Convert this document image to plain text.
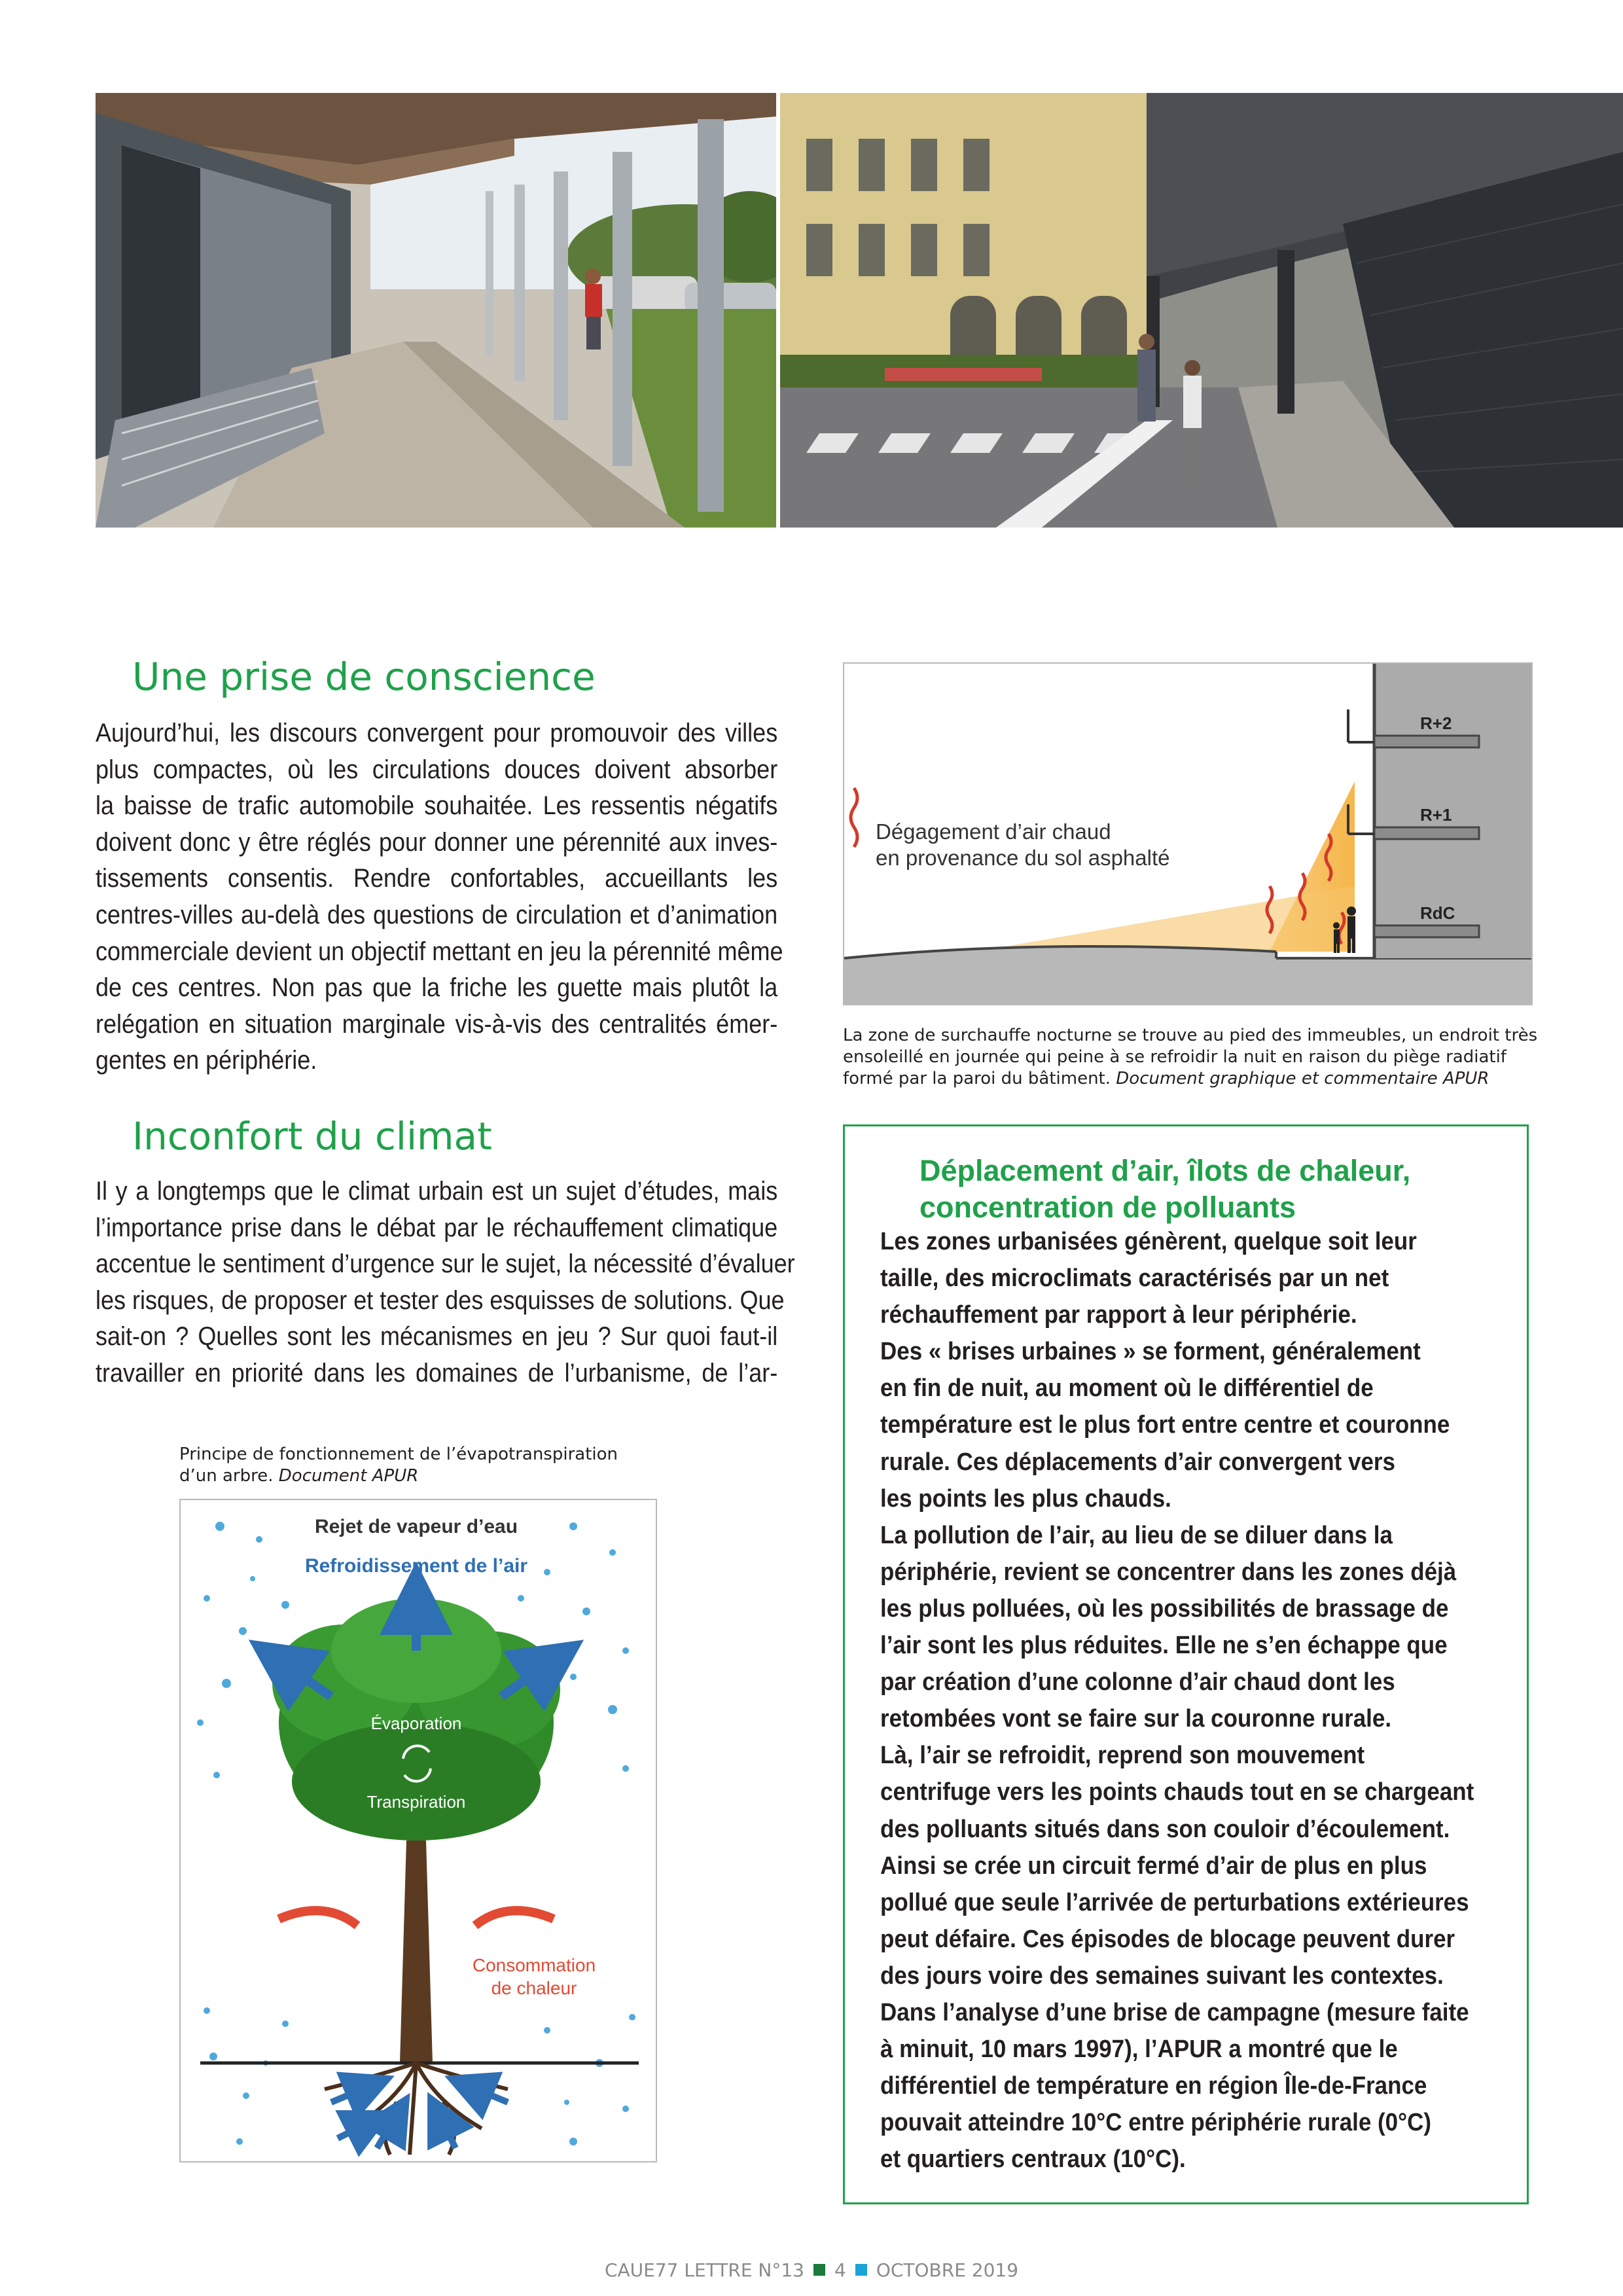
Une prise de conscience
Aujourd’hui, les discours convergent pour promouvoir des villes
plus compactes, où les circulations douces doivent absorber
la baisse de trafic automobile souhaitée. Les ressentis négatifs
doivent donc y être réglés pour donner une pérennité aux inves-
tissements consentis. Rendre confortables, accueillants les
centres-villes au-delà des questions de circulation et d’animation
commerciale devient un objectif mettant en jeu la pérennité même
de ces centres. Non pas que la friche les guette mais plutôt la
relégation en situation marginale vis-à-vis des centralités émer-
gentes en périphérie.
Inconfort du climat
Il y a longtemps que le climat urbain est un sujet d’études, mais
l’importance prise dans le débat par le réchauffement climatique
accentue le sentiment d’urgence sur le sujet, la nécessité d’évaluer
les risques, de proposer et tester des esquisses de solutions. Que
sait-on ? Quelles sont les mécanismes en jeu ? Sur quoi faut-il
travailler en priorité dans les domaines de l’urbanisme, de l’ar-
Principe de fonctionnement de l’évapotranspiration
d’un arbre. Document APUR
Rejet de vapeur d’eau
Refroidissement de l’air
Évaporation
Transpiration
Consommation
de chaleur
Dégagement d’air chaud
en provenance du sol asphalté
R+2
R+1
RdC
La zone de surchauffe nocturne se trouve au pied des immeubles, un endroit très
ensoleillé en journée qui peine à se refroidir la nuit en raison du piège radiatif
formé par la paroi du bâtiment. Document graphique et commentaire APUR
Déplacement d’air, îlots de chaleur,
concentration de polluants
Les zones urbanisées génèrent, quelque soit leur
taille, des microclimats caractérisés par un net
réchauffement par rapport à leur périphérie.
Des « brises urbaines » se forment, généralement
en fin de nuit, au moment où le différentiel de
température est le plus fort entre centre et couronne
rurale. Ces déplacements d’air convergent vers
les points les plus chauds.
La pollution de l’air, au lieu de se diluer dans la
périphérie, revient se concentrer dans les zones déjà
les plus polluées, où les possibilités de brassage de
l’air sont les plus réduites. Elle ne s’en échappe que
par création d’une colonne d’air chaud dont les
retombées vont se faire sur la couronne rurale.
Là, l’air se refroidit, reprend son mouvement
centrifuge vers les points chauds tout en se chargeant
des polluants situés dans son couloir d’écoulement.
Ainsi se crée un circuit fermé d’air de plus en plus
pollué que seule l’arrivée de perturbations extérieures
peut défaire. Ces épisodes de blocage peuvent durer
des jours voire des semaines suivant les contextes.
Dans l’analyse d’une brise de campagne (mesure faite
à minuit, 10 mars 1997), l’APUR a montré que le
différentiel de température en région Île-de-France
pouvait atteindre 10°C entre périphérie rurale (0°C)
et quartiers centraux (10°C).
CAUE77 LETTRE N°13 4 OCTOBRE 2019
